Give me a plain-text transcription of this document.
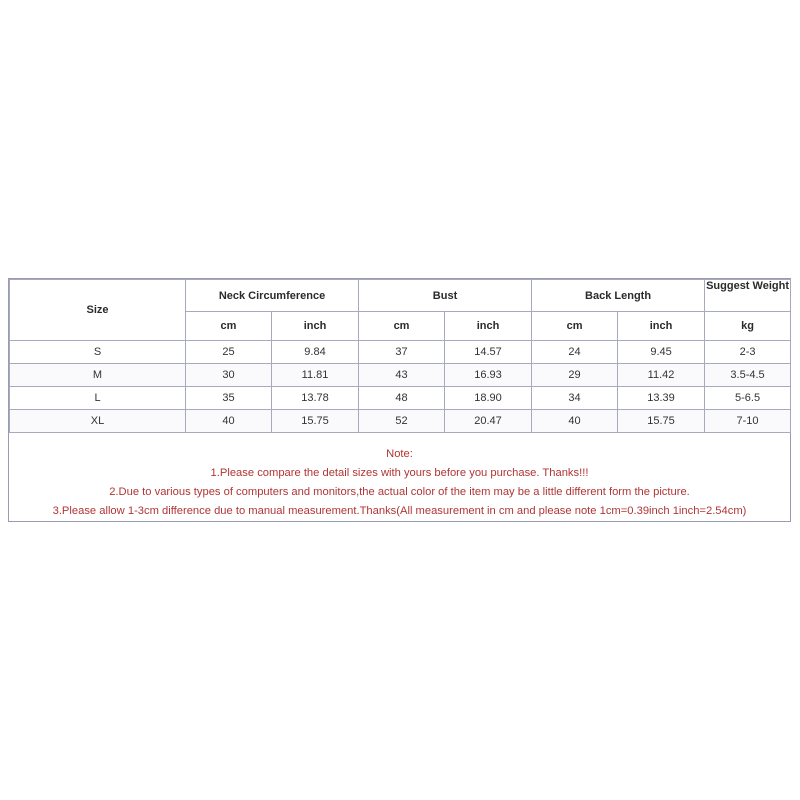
Size	Neck Circumference		Bust		Back Length		Suggest Weight
	cm	inch	cm	inch	cm	inch	kg
S	25	9.84	37	14.57	24	9.45	2-3
M	30	11.81	43	16.93	29	11.42	3.5-4.5
L	35	13.78	48	18.90	34	13.39	5-6.5
XL	40	15.75	52	20.47	40	15.75	7-10
Note:
1.Please compare the detail sizes with yours before you purchase. Thanks!!!
2.Due to various types of computers and monitors,the actual color of the item may be a little different form the picture.
3.Please allow 1-3cm difference due to manual measurement.Thanks(All measurement in cm and please note 1cm=0.39inch 1inch=2.54cm)
